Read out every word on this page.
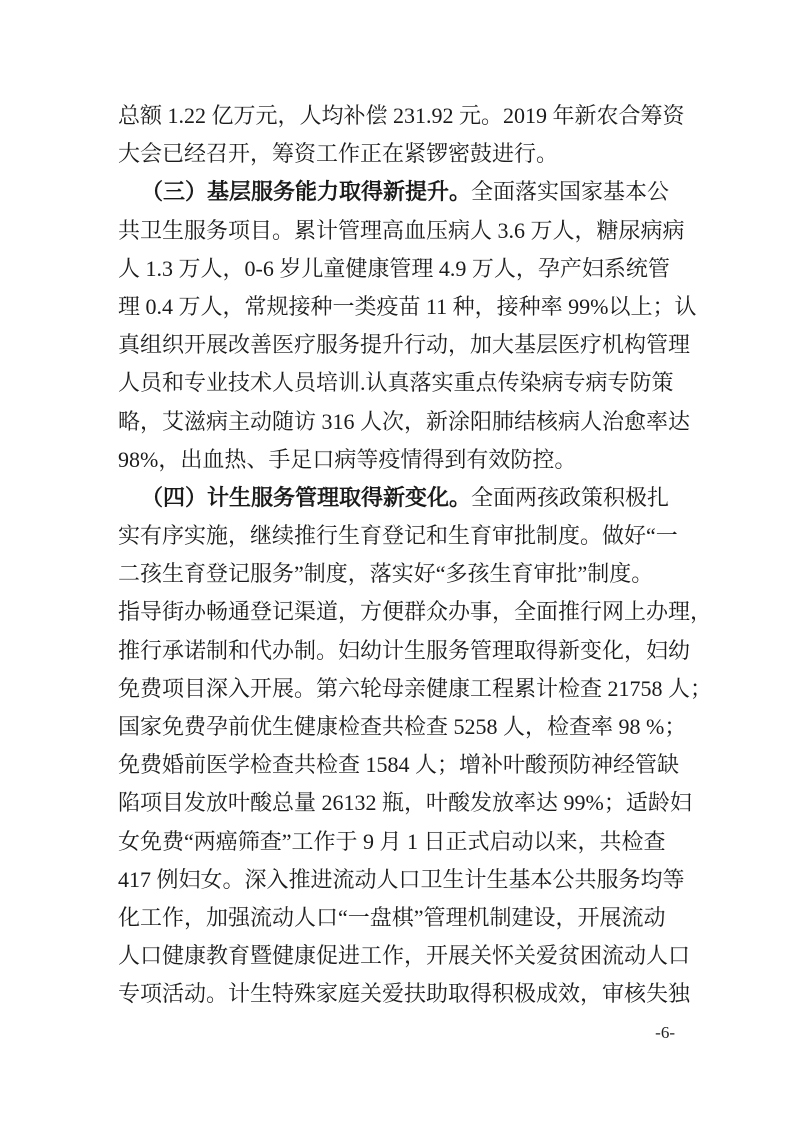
总额 1.22 亿万元，人均补偿 231.92 元。2019 年新农合筹资
大会已经召开，筹资工作正在紧锣密鼓进行。
（三）基层服务能力取得新提升。全面落实国家基本公
共卫生服务项目。累计管理高血压病人 3.6 万人，糖尿病病
人 1.3 万人，0-6 岁儿童健康管理 4.9 万人，孕产妇系统管
理 0.4 万人，常规接种一类疫苗 11 种，接种率 99%以上；认
真组织开展改善医疗服务提升行动，加大基层医疗机构管理
人员和专业技术人员培训.认真落实重点传染病专病专防策
略，艾滋病主动随访 316 人次，新涂阳肺结核病人治愈率达
98%，出血热、手足口病等疫情得到有效防控。
（四）计生服务管理取得新变化。全面两孩政策积极扎
实有序实施，继续推行生育登记和生育审批制度。做好“一
二孩生育登记服务”制度，落实好“多孩生育审批”制度。
指导街办畅通登记渠道，方便群众办事，全面推行网上办理，
推行承诺制和代办制。妇幼计生服务管理取得新变化，妇幼
免费项目深入开展。第六轮母亲健康工程累计检查 21758 人；
国家免费孕前优生健康检查共检查 5258 人，检查率 98 %；
免费婚前医学检查共检查 1584 人；增补叶酸预防神经管缺
陷项目发放叶酸总量 26132 瓶，叶酸发放率达 99%；适龄妇
女免费“两癌筛查”工作于 9 月 1 日正式启动以来，共检查
417 例妇女。深入推进流动人口卫生计生基本公共服务均等
化工作，加强流动人口“一盘棋”管理机制建设，开展流动
人口健康教育暨健康促进工作，开展关怀关爱贫困流动人口
专项活动。计生特殊家庭关爱扶助取得积极成效，审核失独
-6-
